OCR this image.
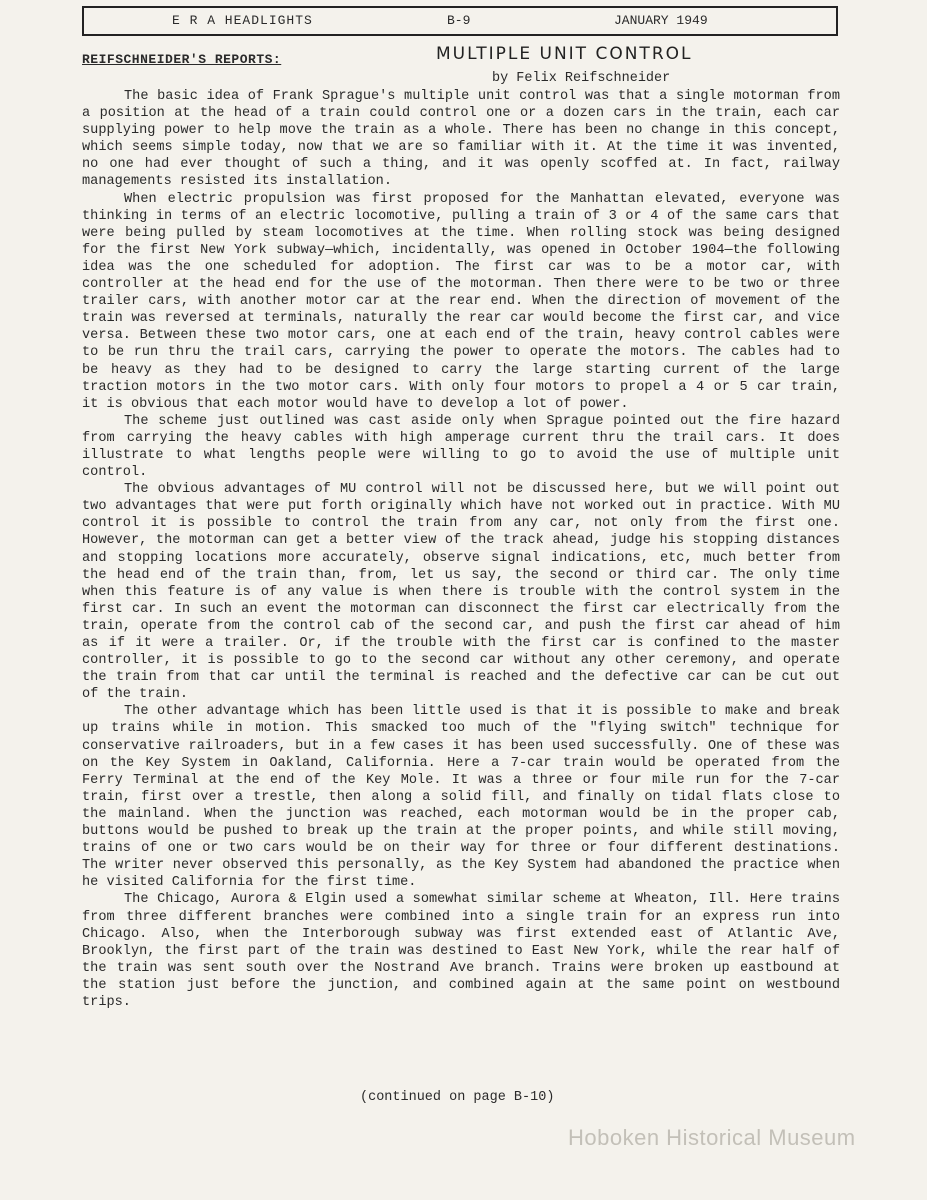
E R A HEADLIGHTS	B-9	JANUARY 1949
REIFSCHNEIDER'S REPORTS:	MULTIPLE UNIT CONTROL
by Felix Reifschneider

The basic idea of Frank Sprague's multiple unit control was that a single motorman from a position at the head of a train could control one or a dozen cars in the train, each car supplying power to help move the train as a whole. There has been no change in this concept, which seems simple today, now that we are so familiar with it. At the time it was invented, no one had ever thought of such a thing, and it was openly scoffed at. In fact, railway managements resisted its installation.

When electric propulsion was first proposed for the Manhattan elevated, everyone was thinking in terms of an electric locomotive, pulling a train of 3 or 4 of the same cars that were being pulled by steam locomotives at the time. When rolling stock was being designed for the first New York subway—which, incidentally, was opened in October 1904—the following idea was the one scheduled for adoption. The first car was to be a motor car, with controller at the head end for the use of the motorman. Then there were to be two or three trailer cars, with another motor car at the rear end. When the direction of movement of the train was reversed at terminals, naturally the rear car would become the first car, and vice versa. Between these two motor cars, one at each end of the train, heavy control cables were to be run thru the trail cars, carrying the power to operate the motors. The cables had to be heavy as they had to be designed to carry the large starting current of the large traction motors in the two motor cars. With only four motors to propel a 4 or 5 car train, it is obvious that each motor would have to develop a lot of power.

The scheme just outlined was cast aside only when Sprague pointed out the fire hazard from carrying the heavy cables with high amperage current thru the trail cars. It does illustrate to what lengths people were willing to go to avoid the use of multiple unit control.

The obvious advantages of MU control will not be discussed here, but we will point out two advantages that were put forth originally which have not worked out in practice. With MU control it is possible to control the train from any car, not only from the first one. However, the motorman can get a better view of the track ahead, judge his stopping distances and stopping locations more accurately, observe signal indications, etc, much better from the head end of the train than, from, let us say, the second or third car. The only time when this feature is of any value is when there is trouble with the control system in the first car. In such an event the motorman can disconnect the first car electrically from the train, operate from the control cab of the second car, and push the first car ahead of him as if it were a trailer. Or, if the trouble with the first car is confined to the master controller, it is possible to go to the second car without any other ceremony, and operate the train from that car until the terminal is reached and the defective car can be cut out of the train.

The other advantage which has been little used is that it is possible to make and break up trains while in motion. This smacked too much of the "flying switch" technique for conservative railroaders, but in a few cases it has been used successfully. One of these was on the Key System in Oakland, California. Here a 7-car train would be operated from the Ferry Terminal at the end of the Key Mole. It was a three or four mile run for the 7-car train, first over a trestle, then along a solid fill, and finally on tidal flats close to the mainland. When the junction was reached, each motorman would be in the proper cab, buttons would be pushed to break up the train at the proper points, and while still moving, trains of one or two cars would be on their way for three or four different destinations. The writer never observed this personally, as the Key System had abandoned the practice when he visited California for the first time.

The Chicago, Aurora & Elgin used a somewhat similar scheme at Wheaton, Ill. Here trains from three different branches were combined into a single train for an express run into Chicago. Also, when the Interborough subway was first extended east of Atlantic Ave, Brooklyn, the first part of the train was destined to East New York, while the rear half of the train was sent south over the Nostrand Ave branch. Trains were broken up eastbound at the station just before the junction, and combined again at the same point on westbound trips.

(continued on page B-10)
Hoboken Historical Museum
